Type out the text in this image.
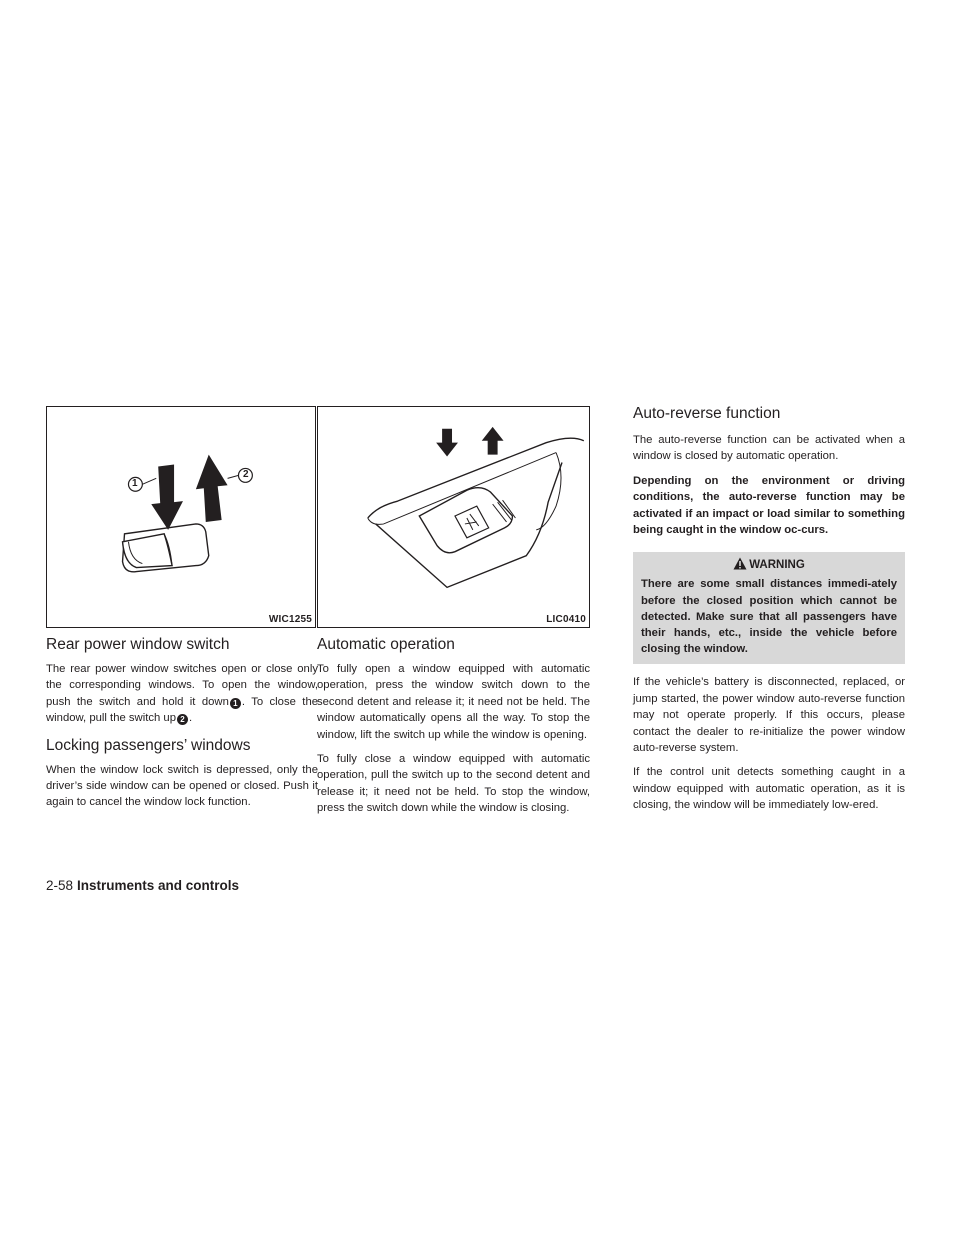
1
2
WIC1255
Rear power window switch

The rear power window switches open or close only the corresponding windows. To open the window, push the switch and hold it down 1 . To close the window, pull the switch up 2 .

Locking passengers’ windows

When the window lock switch is depressed, only the driver’s side window can be opened or closed. Push it again to cancel the window lock function.

LIC0410
Automatic operation

To fully open a window equipped with automatic operation, press the window switch down to the second detent and release it; it need not be held. The window automatically opens all the way. To stop the window, lift the switch up while the window is opening.

To fully close a window equipped with automatic operation, pull the switch up to the second detent and release it; it need not be held. To stop the window, press the switch down while the window is closing.

Auto-reverse function

The auto-reverse function can be activated when a window is closed by automatic operation.

Depending on the environment or driving conditions, the auto-reverse function may be activated if an impact or load similar to something being caught in the window oc-curs.

WARNING
There are some small distances immedi-ately before the closed position which cannot be detected. Make sure that all passengers have their hands, etc., inside the vehicle before closing the window.

If the vehicle’s battery is disconnected, replaced, or jump started, the power window auto-reverse function may not operate properly. If this occurs, please contact the dealer to re-initialize the power window auto-reverse system.

If the control unit detects something caught in a window equipped with automatic operation, as it is closing, the window will be immediately low-ered.

2-58 Instruments and controls
